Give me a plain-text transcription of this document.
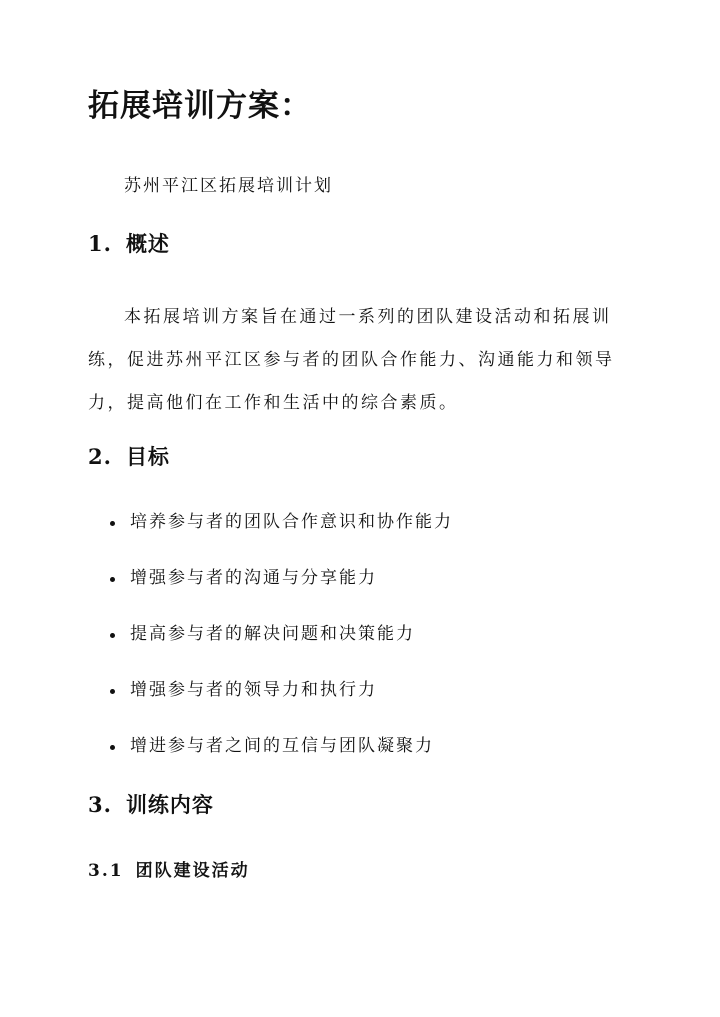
拓展培训方案：
苏州平江区拓展培训计划
1. 概述
本拓展培训方案旨在通过一系列的团队建设活动和拓展训练，促进苏州平江区参与者的团队合作能力、沟通能力和领导力，提高他们在工作和生活中的综合素质。
2. 目标
培养参与者的团队合作意识和协作能力
增强参与者的沟通与分享能力
提高参与者的解决问题和决策能力
增强参与者的领导力和执行力
增进参与者之间的互信与团队凝聚力
3. 训练内容
3.1 团队建设活动
